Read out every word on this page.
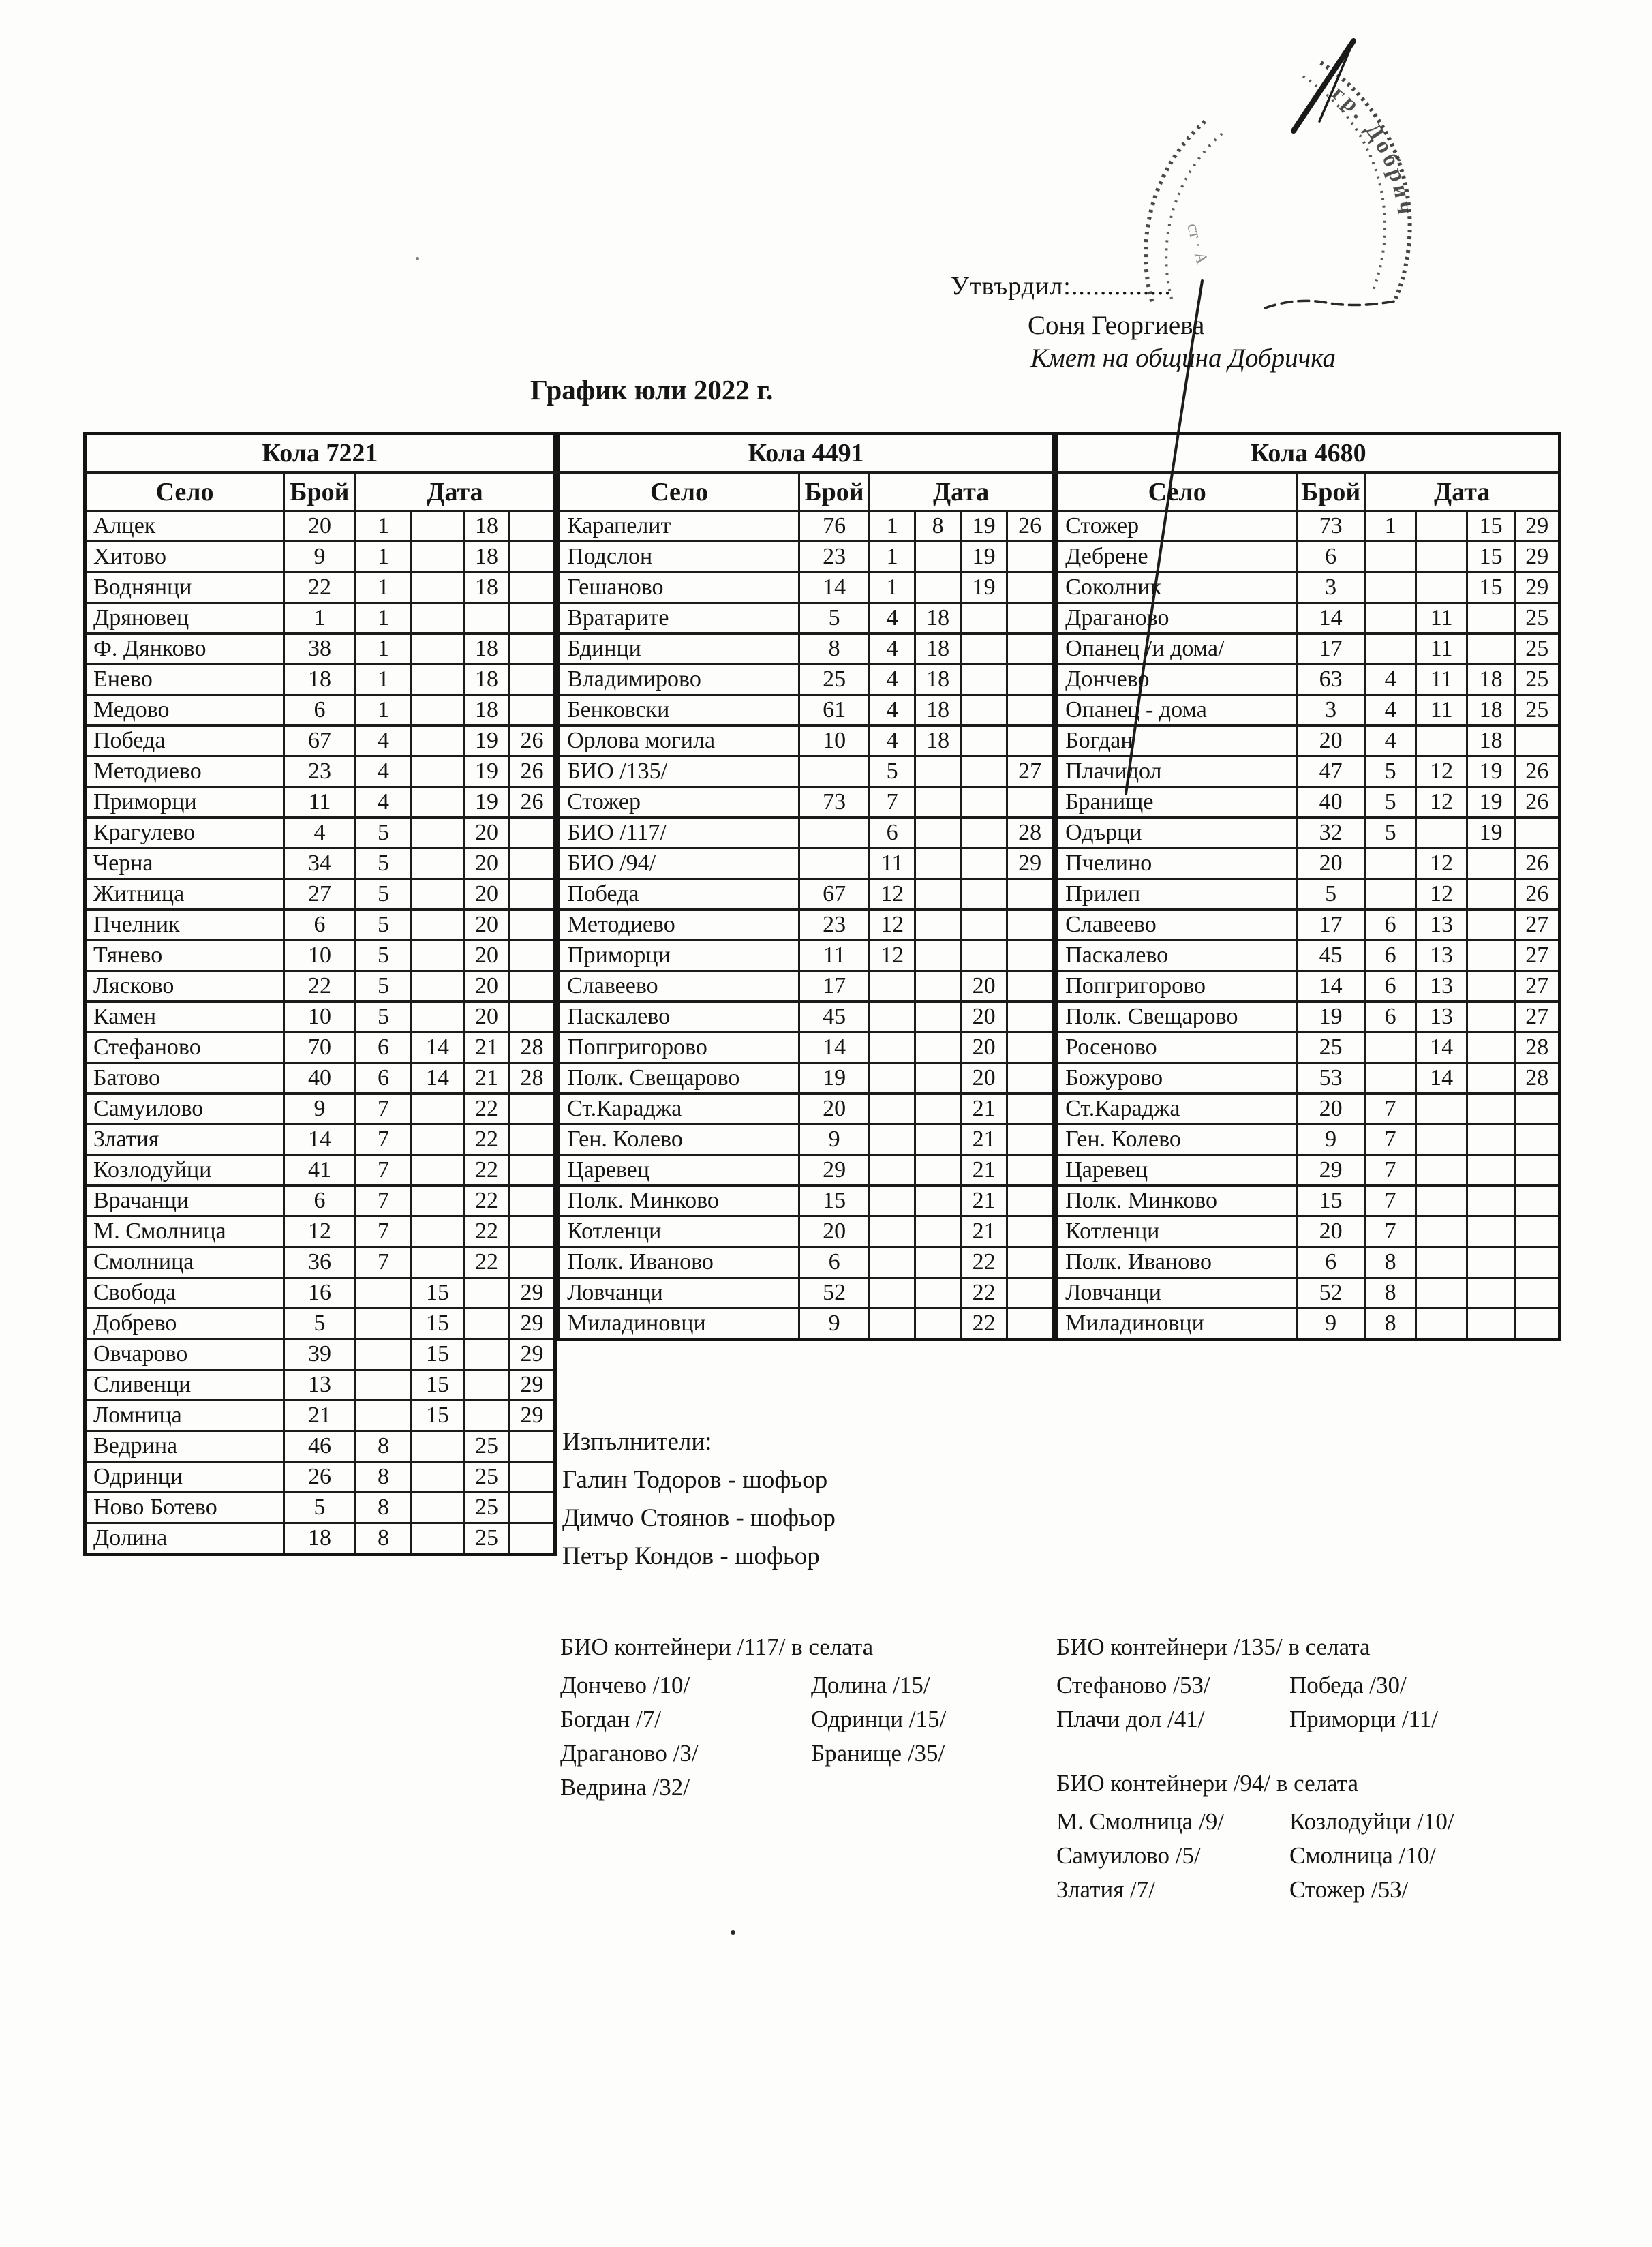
гр. Добрич
ст · А
Утвърдил:..............
Соня Георгиева
Кмет на община Добричка
График юли 2022 г.
Кола 7221					
Село	Брой	Дата			
Алцек	20	1		18	
Хитово	9	1		18	
Воднянци	22	1		18	
Дряновец	1	1			
Ф. Дянково	38	1		18	
Енево	18	1		18	
Медово	6	1		18	
Победа	67	4		19	26
Методиево	23	4		19	26
Приморци	11	4		19	26
Крагулево	4	5		20	
Черна	34	5		20	
Житница	27	5		20	
Пчелник	6	5		20	
Тянево	10	5		20	
Лясково	22	5		20	
Камен	10	5		20	
Стефаново	70	6	14	21	28
Батово	40	6	14	21	28
Самуилово	9	7		22	
Златия	14	7		22	
Козлодуйци	41	7		22	
Врачанци	6	7		22	
М. Смолница	12	7		22	
Смолница	36	7		22	
Свобода	16		15		29
Добрево	5		15		29
Овчарово	39		15		29
Сливенци	13		15		29
Ломница	21		15		29
Ведрина	46	8		25	
Одринци	26	8		25	
Ново Ботево	5	8		25	
Долина	18	8		25	
Кола 4491					
Село	Брой	Дата			
Карапелит	76	1	8	19	26
Подслон	23	1		19	
Гешаново	14	1		19	
Вратарите	5	4	18		
Бдинци	8	4	18		
Владимирово	25	4	18		
Бенковски	61	4	18		
Орлова могила	10	4	18		
БИО /135/		5			27
Стожер	73	7			
БИО /117/		6			28
БИО /94/		11			29
Победа	67	12			
Методиево	23	12			
Приморци	11	12			
Славеево	17			20	
Паскалево	45			20	
Попгригорово	14			20	
Полк. Свещарово	19			20	
Ст.Караджа	20			21	
Ген. Колево	9			21	
Царевец	29			21	
Полк. Минково	15			21	
Котленци	20			21	
Полк. Иваново	6			22	
Ловчанци	52			22	
Миладиновци	9			22	
Кола 4680					
Село	Брой	Дата			
Стожер	73	1		15	29
Дебрене	6			15	29
Соколник	3			15	29
Драганово	14		11		25
Опанец /и дома/	17		11		25
Дончево	63	4	11	18	25
Опанец - дома	3	4	11	18	25
Богдан	20	4		18	
Плачидол	47	5	12	19	26
Бранище	40	5	12	19	26
Одърци	32	5		19	
Пчелино	20		12		26
Прилеп	5		12		26
Славеево	17	6	13		27
Паскалево	45	6	13		27
Попгригорово	14	6	13		27
Полк. Свещарово	19	6	13		27
Росеново	25		14		28
Божурово	53		14		28
Ст.Караджа	20	7			
Ген. Колево	9	7			
Царевец	29	7			
Полк. Минково	15	7			
Котленци	20	7			
Полк. Иваново	6	8			
Ловчанци	52	8			
Миладиновци	9	8			
Изпълнители:
Галин Тодоров - шофьор
Димчо Стоянов - шофьор
Петър Кондов - шофьор
БИО контейнери /117/ в селата
Дончево /10/
Богдан /7/
Драганово /3/
Ведрина /32/
Долина /15/
Одринци /15/
Бранище /35/
БИО контейнери /135/ в селата
Стефаново /53/
Плачи дол /41/
Победа /30/
Приморци /11/
БИО контейнери /94/ в селата
М. Смолница /9/
Самуилово /5/
Златия /7/
Козлодуйци /10/
Смолница /10/
Стожер /53/
